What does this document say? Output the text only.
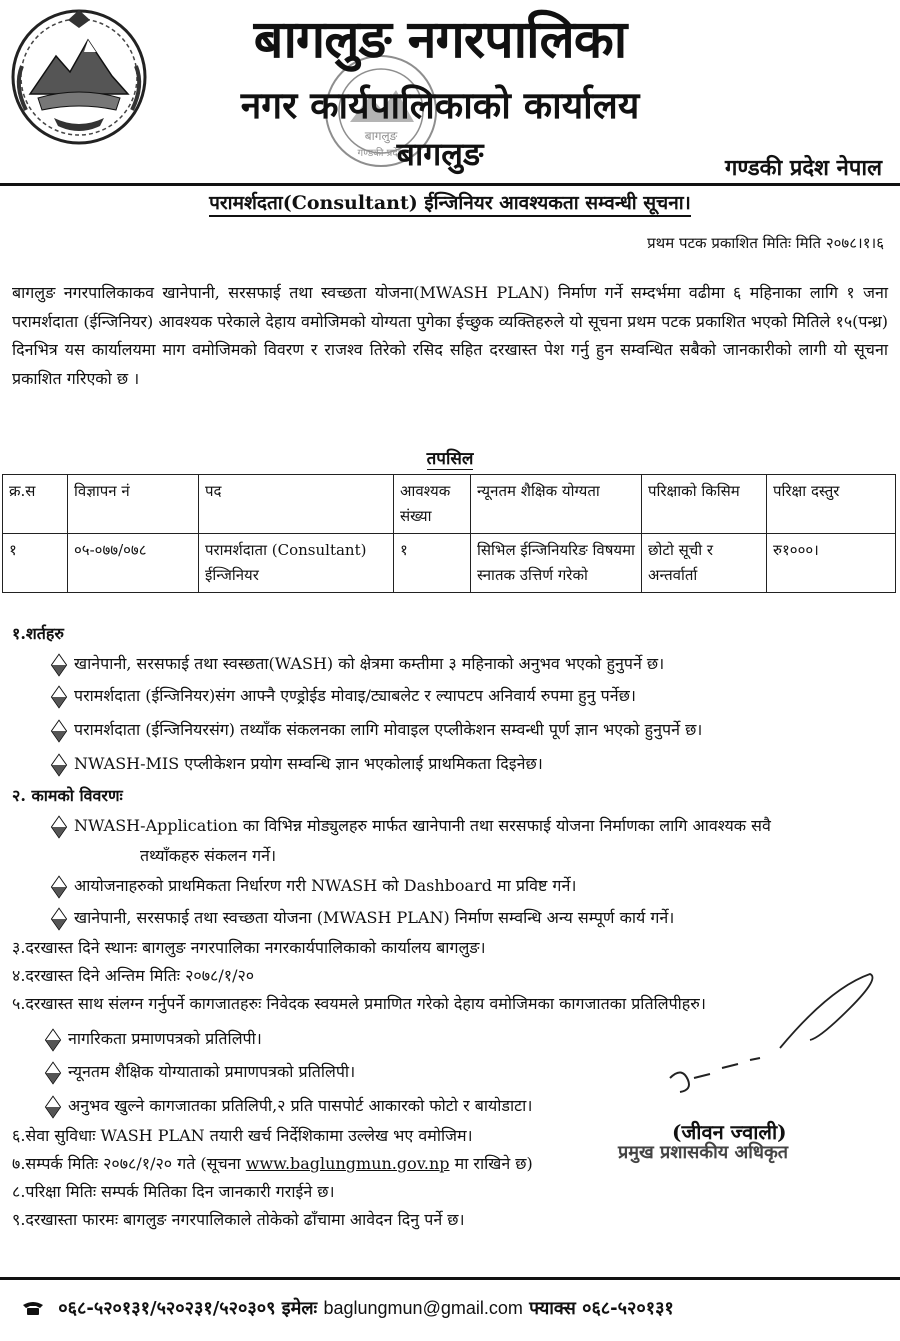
बागलुङ
गण्डकी प्रदेश
बागलुङ नगरपालिका
नगर कार्यपालिकाको कार्यालय
बागलुङ	गण्डकी प्रदेश नेपाल
परामर्शदता(Consultant) ईन्जिनियर आवश्यकता सम्वन्धी सूचना।
प्रथम पटक प्रकाशित मितिः मिति २०७८।१।६

बागलुङ नगरपालिकाकव खानेपानी, सरसफाई तथा स्वच्छता योजना(MWASH PLAN) निर्माण गर्ने सम्दर्भमा वढीमा ६ महिनाका लागि १ जना परामर्शदाता (ईन्जिनियर) आवश्यक परेकाले देहाय वमोजिमको योग्यता पुगेका ईच्छुक व्यक्तिहरुले यो सूचना प्रथम पटक प्रकाशित भएको मितिले १५(पन्ध्र) दिनभित्र यस कार्यालयमा माग वमोजिमको विवरण र राजश्व तिरेको रसिद सहित दरखास्त पेश गर्नु हुन सम्वन्धित सबैको जानकारीको लागी यो सूचना प्रकाशित गरिएको छ ।

तपसिल
क्र.स	विज्ञापन नं	पद	आवश्यक संख्या	न्यूनतम शैक्षिक योग्यता	परिक्षाको किसिम	परिक्षा दस्तुर
१	०५-०७७/०७८	परामर्शदाता (Consultant) ईन्जिनियर	१	सिभिल ईन्जिनियरिङ विषयमा स्नातक उत्तिर्ण गरेको	छोटो सूची र अन्तर्वार्ता	रु१०००।
१.शर्तहरु
खानेपानी, सरसफाई तथा स्वस्छता(WASH) को क्षेत्रमा कम्तीमा ३ महिनाको अनुभव भएको हुनुपर्ने छ।
परामर्शदाता (ईन्जिनियर)संग आफ्नै एण्ड्रोईड मोवाइ/ट्याबलेट र ल्यापटप अनिवार्य रुपमा हुनु पर्नेछ।
परामर्शदाता (ईन्जिनियरसंग) तथ्याँक संकलनका लागि मोवाइल एप्लीकेशन सम्वन्धी पूर्ण ज्ञान भएको हुनुपर्ने छ।
NWASH-MIS एप्लीकेशन प्रयोग सम्वन्धि ज्ञान भएकोलाई प्राथमिकता दिइनेछ।
२. कामको विवरणः
NWASH-Application का विभिन्न मोड्युलहरु मार्फत खानेपानी तथा सरसफाई योजना निर्माणका लागि आवश्यक सवै
तथ्याँकहरु संकलन गर्ने।
आयोजनाहरुको प्राथमिकता निर्धारण गरी NWASH को Dashboard मा प्रविष्ट गर्ने।
खानेपानी, सरसफाई तथा स्वच्छता योजना (MWASH PLAN) निर्माण सम्वन्धि अन्य सम्पूर्ण कार्य गर्ने।
३.दरखास्त दिने स्थानः बागलुङ नगरपालिका नगरकार्यपालिकाको कार्यालय बागलुङ।
४.दरखास्त दिने अन्तिम मितिः २०७८/१/२०
५.दरखास्त साथ संलग्न गर्नुपर्ने कागजातहरुः निवेदक स्वयमले प्रमाणित गरेको देहाय वमोजिमका कागजातका प्रतिलिपीहरु।
नागरिकता प्रमाणपत्रको प्रतिलिपी।
न्यूनतम शैक्षिक योग्याताको प्रमाणपत्रको प्रतिलिपी।
अनुभव खुल्ने कागजातका प्रतिलिपी,२ प्रति पासपोर्ट आकारको फोटो र बायोडाटा।
६.सेवा सुविधाः WASH PLAN तयारी खर्च निर्देशिकामा उल्लेख भए वमोजिम।
७.सम्पर्क मितिः २०७८/१/२० गते (सूचना www.baglungmun.gov.np मा राखिने छ)
८.परिक्षा मितिः सम्पर्क मितिका दिन जानकारी गराईने छ।
९.दरखास्ता फारमः बागलुङ नगरपालिकाले तोकेको ढाँचामा आवेदन दिनु पर्ने छ।
(जीवन ज्वाली)
प्रमुख प्रशासकीय अधिकृत
०६८-५२०१३१/५२०२३१/५२०३०९ इमेलः baglungmun@gmail.com फ्याक्स ०६८-५२०१३१
